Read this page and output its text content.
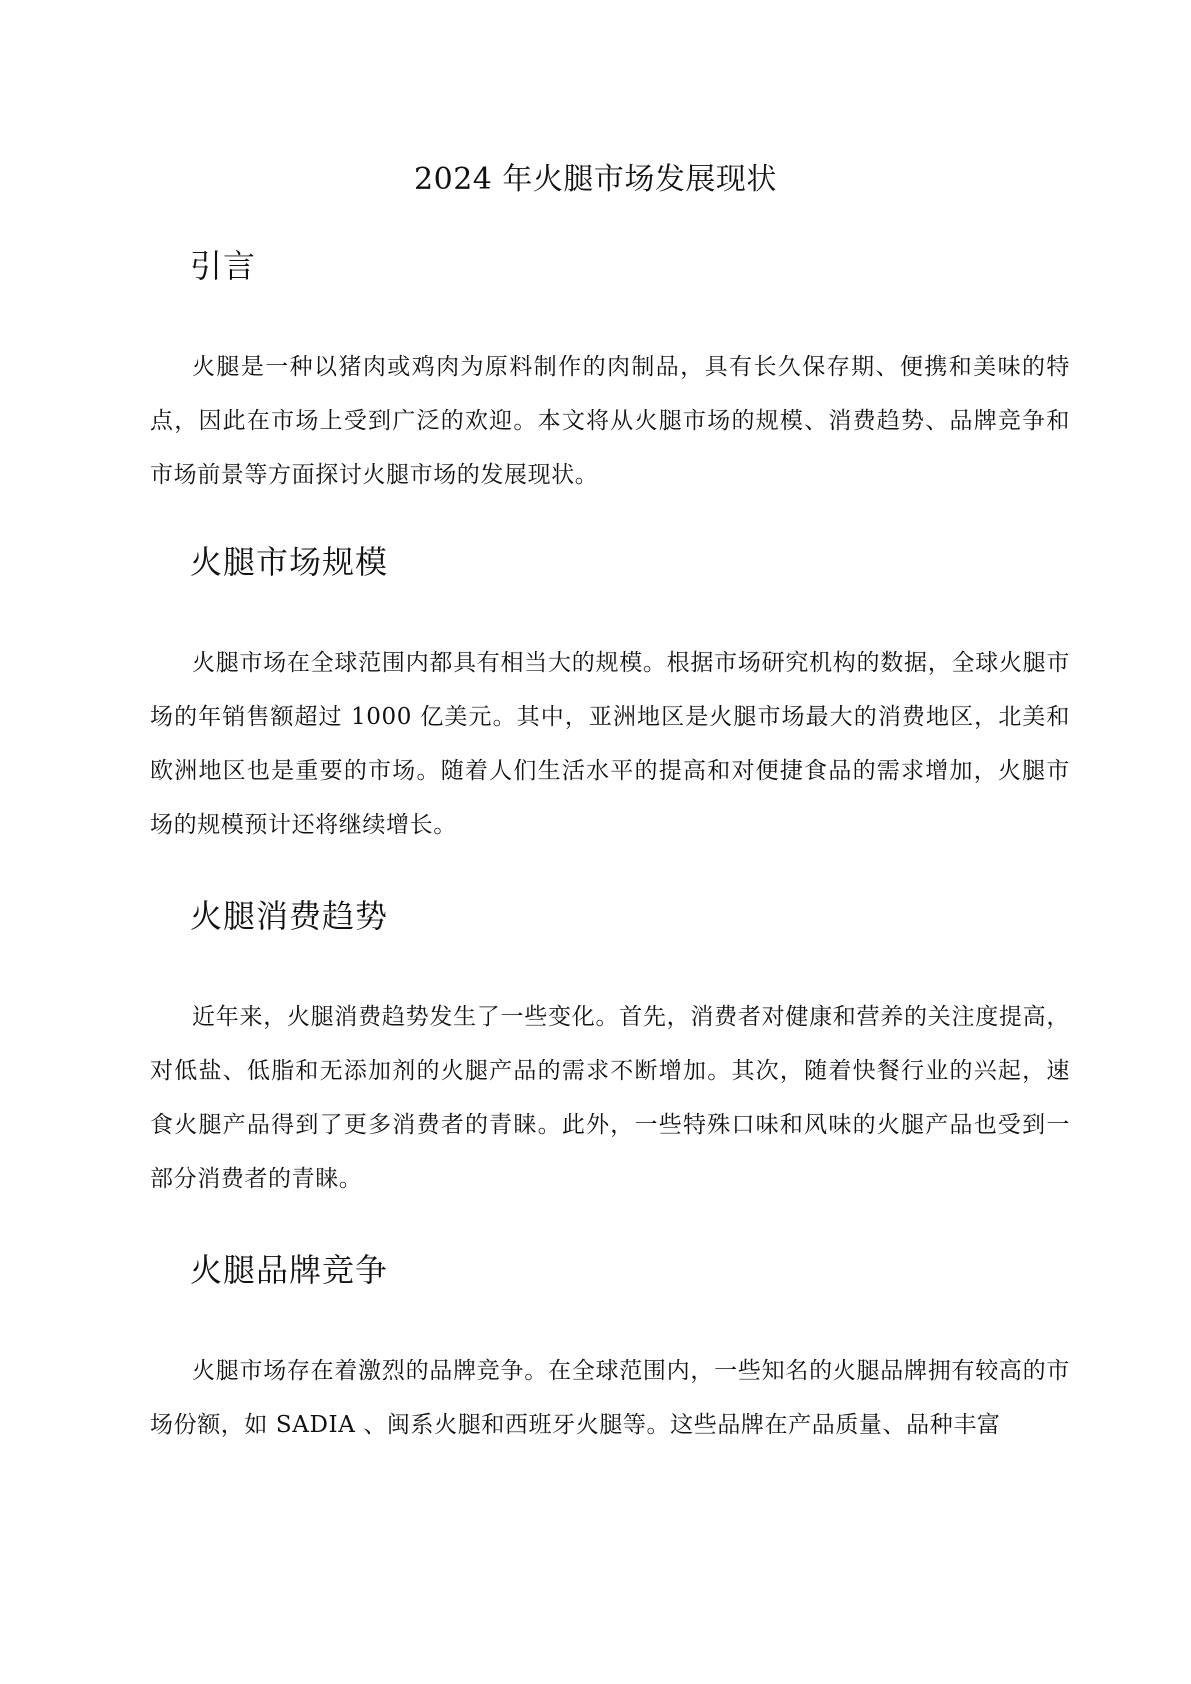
2024 年火腿市场发展现状
引言
火腿是一种以猪肉或鸡肉为原料制作的肉制品，具有长久保存期、便携和美味的特点，因此在市场上受到广泛的欢迎。本文将从火腿市场的规模、消费趋势、品牌竞争和市场前景等方面探讨火腿市场的发展现状。
火腿市场规模
火腿市场在全球范围内都具有相当大的规模。根据市场研究机构的数据，全球火腿市场的年销售额超过 1000 亿美元。其中，亚洲地区是火腿市场最大的消费地区，北美和欧洲地区也是重要的市场。随着人们生活水平的提高和对便捷食品的需求增加，火腿市场的规模预计还将继续增长。
火腿消费趋势
近年来，火腿消费趋势发生了一些变化。首先，消费者对健康和营养的关注度提高，对低盐、低脂和无添加剂的火腿产品的需求不断增加。其次，随着快餐行业的兴起，速食火腿产品得到了更多消费者的青睐。此外，一些特殊口味和风味的火腿产品也受到一部分消费者的青睐。
火腿品牌竞争
火腿市场存在着激烈的品牌竞争。在全球范围内，一些知名的火腿品牌拥有较高的市场份额，如 SADIA 、闽系火腿和西班牙火腿等。这些品牌在产品质量、品种丰富
